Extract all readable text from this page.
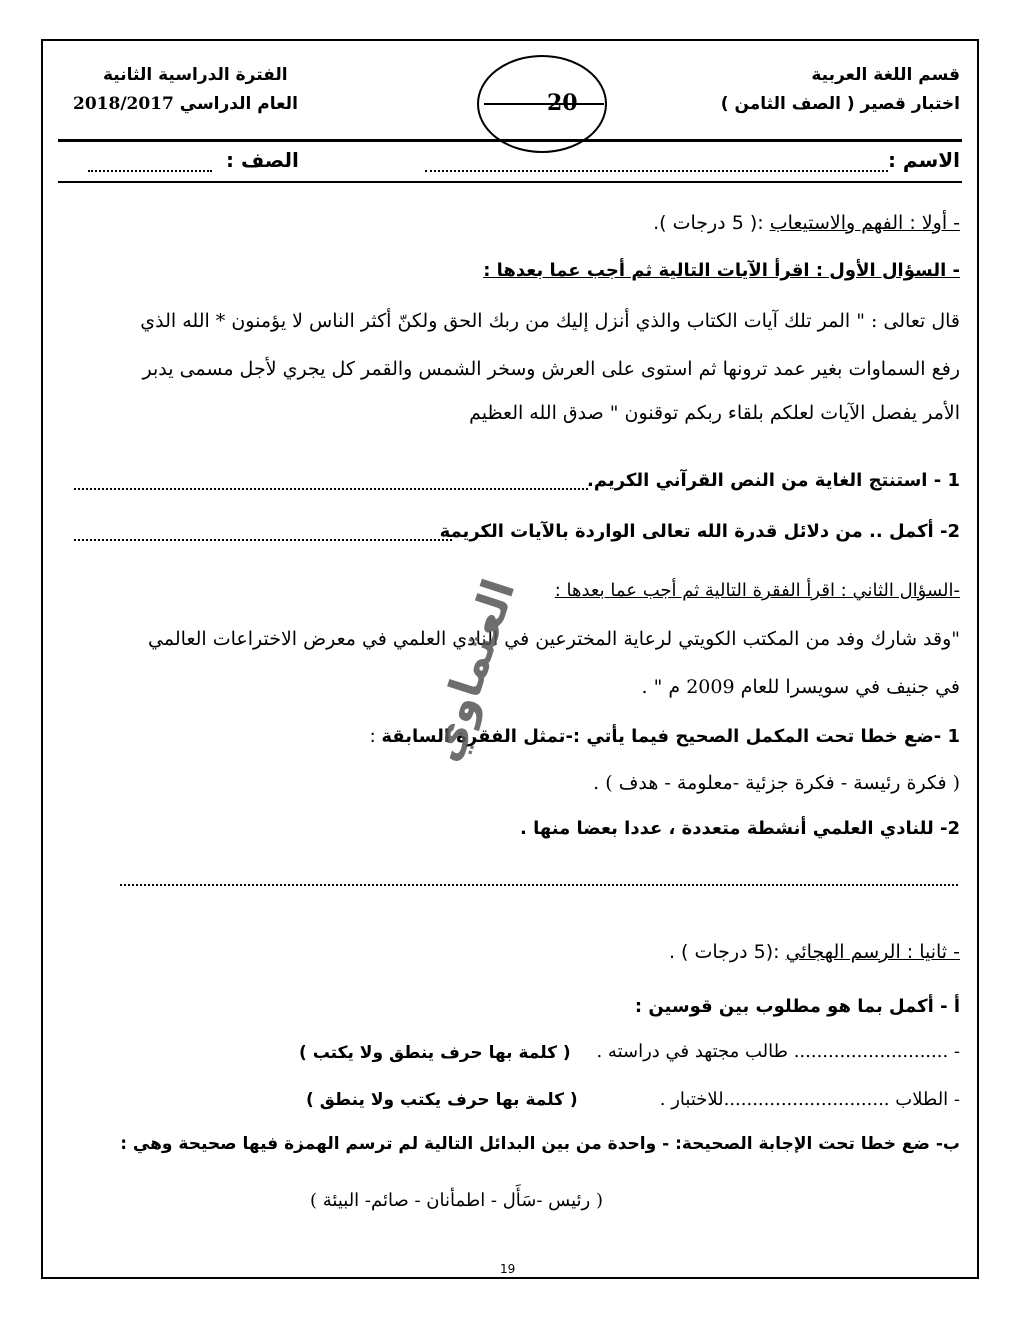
قسم اللغة العربية
اختبار قصير ( الصف الثامن )
الفترة الدراسية الثانية
العام الدراسي 2018/2017	20
الاسم :
الصف :
- أولا : الفهم والاستيعاب :( 5 درجات ).
- السؤال الأول : اقرأ الآيات التالية ثم أجب عما بعدها :
قال تعالى : " المر تلك آيات الكتاب والذي أنزل إليك من ربك الحق ولكنّ أكثر الناس لا يؤمنون * الله الذي
رفع السماوات بغير عمد ترونها ثم استوى على العرش وسخر الشمس والقمر كل يجري لأجل مسمى يدبر
الأمر يفصل الآيات لعلكم بلقاء ربكم توقنون " صدق الله العظيم
1 - استنتج الغاية من النص القرآني الكريم.
2- أكمل .. من دلائل قدرة الله تعالى الواردة بالآيات الكريمة
-السؤال الثاني : اقرأ الفقرة التالية ثم أجب عما بعدها :
"وقد شارك وفد من المكتب الكويتي لرعاية المخترعين في النادي العلمي في معرض الاختراعات العالمي
في جنيف في سويسرا للعام 2009 م " .
1 -ضع خطا تحت المكمل الصحيح فيما يأتي :-تمثل الفقرة السابقة :
( فكرة رئيسة - فكرة جزئية -معلومة - هدف ) .
2- للنادي العلمي أنشطة متعددة ، عددا بعضا منها .
- ثانيا : الرسم الهجائي :(5 درجات ) .
أ - أكمل بما هو مطلوب بين قوسين :
- ........................... طالب مجتهد في دراسته .
( كلمة بها حرف ينطق ولا يكتب )
- الطلاب .............................للاختبار .
( كلمة بها حرف يكتب ولا ينطق )
ب- ضع خطا تحت الإجابة الصحيحة: - واحدة من بين البدائل التالية لم ترسم الهمزة فيها صحيحة وهي :
( رئيس -سَأَل - اطمأنان - صائم- البيئة )
العثماوي
19
